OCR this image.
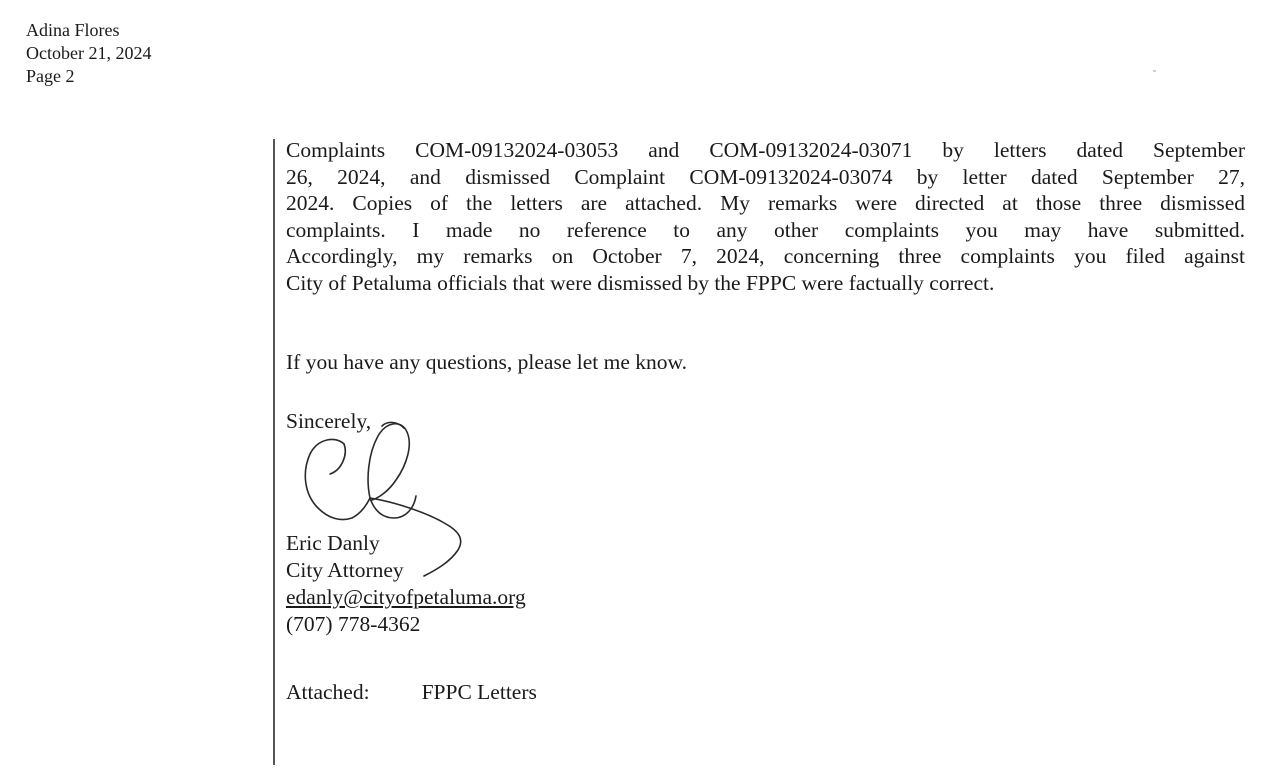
Adina Flores
October 21, 2024
Page 2

Complaints COM-09132024-03053 and COM-09132024-03071 by letters dated September
26, 2024, and dismissed Complaint COM-09132024-03074 by letter dated September 27,
2024. Copies of the letters are attached. My remarks were directed at those three dismissed
complaints. I made no reference to any other complaints you may have submitted.
Accordingly, my remarks on October 7, 2024, concerning three complaints you filed against
City of Petaluma officials that were dismissed by the FPPC were factually correct.

If you have any questions, please let me know.
Sincerely,
Eric Danly
City Attorney
edanly@cityofpetaluma.org
(707) 778-4362
Attached: FPPC Letters
